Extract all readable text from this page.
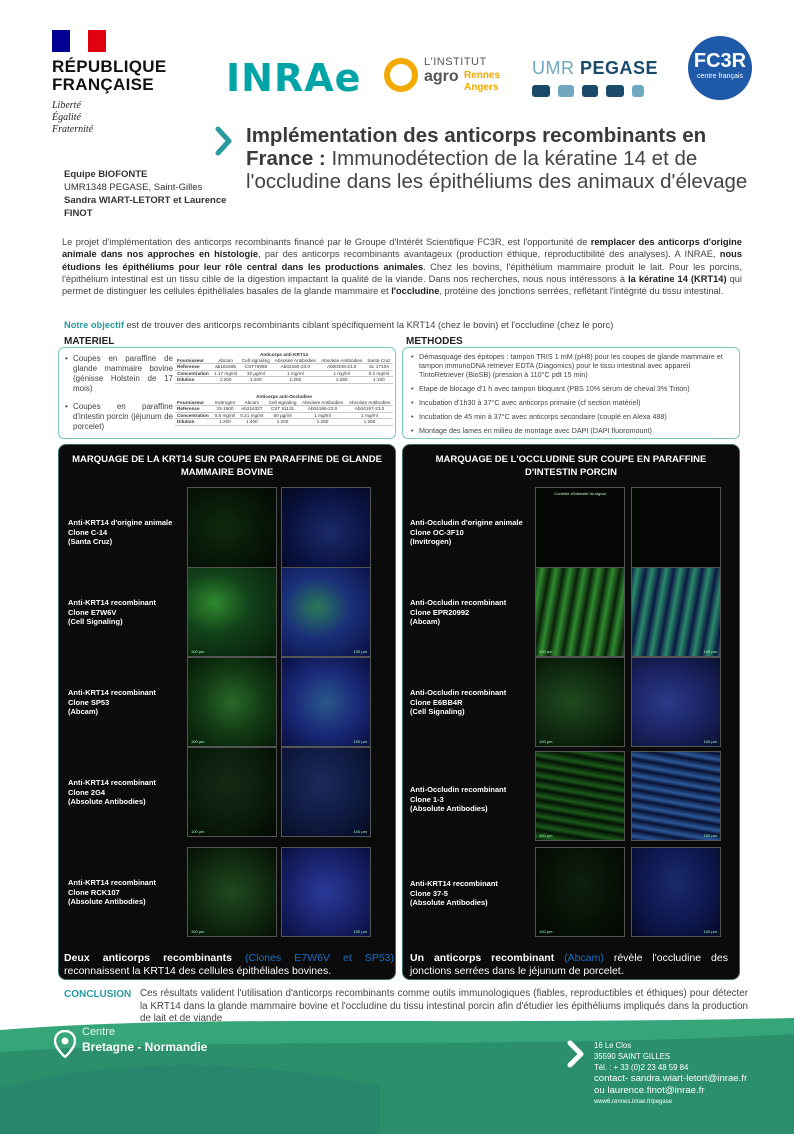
RÉPUBLIQUE
FRANÇAISE
Liberté
Égalité
Fraternité
INRAe	L'INSTITUT
agro Rennes
Angers
UMR PEGASE FC3R
centre français
Implémentation des anticorps recombinants en France : Immunodétection de la kératine 14 et de l'occludine dans les épithéliums des animaux d'élevage
Equipe BIOFONTE
UMR1348 PEGASE, Saint-Gilles
Sandra WIART-LETORT et Laurence
FINOT
Le projet d'implémentation des anticorps recombinants financé par le Groupe d'Intérêt Scientifique FC3R, est l'opportunité de remplacer des anticorps d'origine animale dans nos approches en histologie, par des anticorps recombinants avantageux (production éthique, reproductibilité des analyses). A INRAE, nous étudions les épithéliums pour leur rôle central dans les productions animales. Chez les bovins, l'épithélium mammaire produit le lait. Pour les porcins, l'épithélium intestinal est un tissu cible de la digestion impactant la qualité de la viande. Dans nos recherches, nous nous intéressons à la kératine 14 (KRT14) qui permet de distinguer les cellules épithéliales basales de la glande mammaire et l'occludine, protéine des jonctions serrées, reflétant l'intégrité du tissu intestinal.
Notre objectif est de trouver des anticorps recombinants ciblant spécifiquement la KRT14 (chez le bovin) et l'occludine (chez le porc)
MATERIEL	METHODES
• Coupes en paraffine de glande mammaire bovine (génisse Holstein de 17 mois)
• Coupes en paraffine d'intestin porcin (jéjunum de porcelet)
Anticorps anti-KRT14					
Fournisseur	Abcam	Cell signaling	Absolute Antibodies	Absolute Antibodies	Santa Cruz
Reference	ab181595	CST75958	Ab02180-23.0	Ab00336-23.0	Sc 17104
Concentration	1.17 mg/ml	32 µg/ml	1 mg/ml	1 mg/ml	0.2 mg/ml
Dilution	1:250	1:200	1:250	1:250	1:100
Anticorps anti-Occludine					
Fournisseur	Invitrogen	Abcam	Cell signaling	Absolute Antibodies	Absolute Antibodies
Reference	33-1500	Ab216327	CST 91131	Ab04196-23.0	Ab04197-23.0
Concentration	0.5 mg/ml	0.21 mg/ml	50 µg/ml	1 mg/ml	1 mg/ml
Dilution	1:200	1:400	1:200	1:250	1:250
• Démasquage des épitopes : tampon TRIS 1 mM (pH8) pour les coupes de glande mammaire et tampon immunoDNA retriever EDTA (Diagomics) pour le tissu intestinal avec appareil TintoRetriever (BioSB) (pression à 110°C pdt 15 min)
• Etape de blocage d'1 h avec tampon bloquant (PBS 10% sérum de cheval 3% Triton)
• Incubation d'1h30 à 37°C avec anticorps primaire (cf section matériel)
• Incubation de 45 min à 37°C avec anticorps secondaire (couplé en Alexa 488)
• Montage des lames en milieu de montage avec DAPI (DAPI fluoromount)
MARQUAGE DE LA KRT14 SUR COUPE EN PARAFFINE DE GLANDE MAMMAIRE BOVINE
Anti-KRT14 d'origine animale
Clone C-14
(Santa Cruz)
Anti-KRT14 recombinant
Clone E7W6V
(Cell Signaling)
100 µm	100 µm
Anti-KRT14 recombinant
Clone SP53
(Abcam)
100 µm	100 µm
Anti-KRT14 recombinant
Clone 2G4
(Absolute Antibodies)
100 µm	100 µm
Anti-KRT14 recombinant
Clone RCK107
(Absolute Antibodies)
100 µm	100 µm
Deux anticorps recombinants (Clones E7W6V et SP53) reconnaissent la KRT14 des cellules épithéliales bovines.
MARQUAGE DE L'OCCLUDINE SUR COUPE EN PARAFFINE D'INTESTIN PORCIN
Anti-Occludin d'origine animale
Clone OC-3F10
(Invitrogen)
Contrôle d'intensité du signal
Anti-Occludin recombinant
Clone EPR20992
(Abcam)
100 µm	100 µm
Anti-Occludin recombinant
Clone E6BB4R
(Cell Signaling)
100 µm	100 µm
Anti-Occludin recombinant
Clone 1-3
(Absolute Antibodies)
100 µm	100 µm
Anti-KRT14 recombinant
Clone 37-5
(Absolute Antibodies)
100 µm	100 µm
Un anticorps recombinant (Abcam) révèle l'occludine des jonctions serrées dans le jéjunum de porcelet.
CONCLUSION Ces résultats valident l'utilisation d'anticorps recombinants comme outils immunologiques (fiables, reproductibles et éthiques) pour détecter la KRT14 dans la glande mammaire bovine et l'occludine du tissu intestinal porcin afin d'étudier les épithéliums impliqués dans la production de lait et de viande
Centre
Bretagne - Normandie	16 Le Clos
35590 SAINT GILLES
Tél. : + 33 (0)2 23 48 59 84
contact- sandra.wiart-letort@inrae.fr
ou laurence.finot@inrae.fr
www6.rennes.inrae.fr/pegase
